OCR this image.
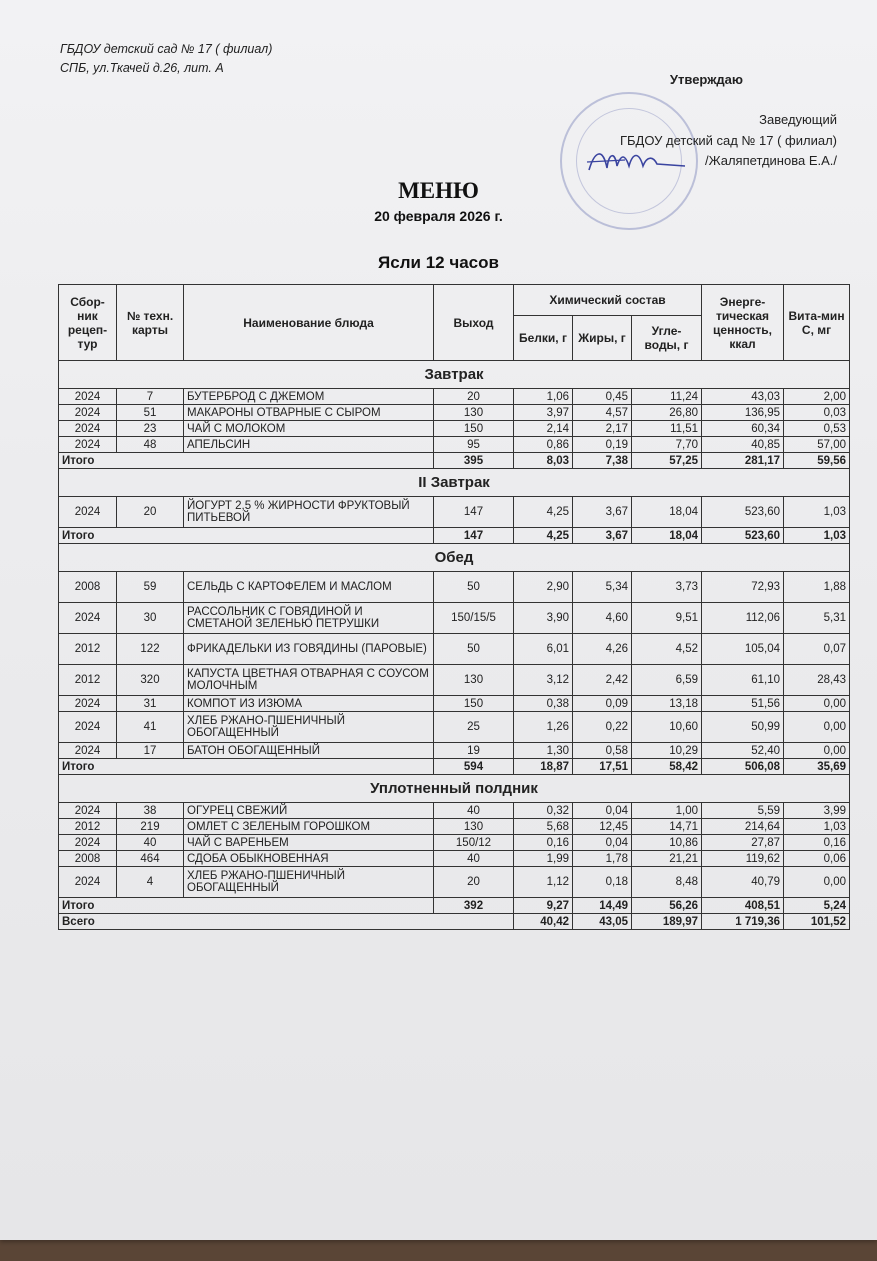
ГБДОУ детский сад № 17 ( филиал)
СПБ, ул.Ткачей д.26, лит. А
Утверждаю
Заведующий
ГБДОУ детский сад № 17 ( филиал)
/Жаляпетдинова Е.А./
МЕНЮ
20 февраля 2026 г.
Ясли 12 часов
Сбор-ник рецеп-тур	№ техн. карты	Наименование блюда	Выход	Химический состав			Энерге-тическая ценность, ккал	Вита-мин С, мг
				Белки, г	Жиры, г	Угле-воды, г		
Завтрак								
2024	7	БУТЕРБРОД С ДЖЕМОМ	20	1,06	0,45	11,24	43,03	2,00
2024	51	МАКАРОНЫ ОТВАРНЫЕ С СЫРОМ	130	3,97	4,57	26,80	136,95	0,03
2024	23	ЧАЙ С МОЛОКОМ	150	2,14	2,17	11,51	60,34	0,53
2024	48	АПЕЛЬСИН	95	0,86	0,19	7,70	40,85	57,00
Итого			395	8,03	7,38	57,25	281,17	59,56
II Завтрак								
2024	20	ЙОГУРТ 2,5 % ЖИРНОСТИ ФРУКТОВЫЙ ПИТЬЕВОЙ	147	4,25	3,67	18,04	523,60	1,03
Итого			147	4,25	3,67	18,04	523,60	1,03
Обед								
2008	59	СЕЛЬДЬ С КАРТОФЕЛЕМ И МАСЛОМ	50	2,90	5,34	3,73	72,93	1,88
2024	30	РАССОЛЬНИК С ГОВЯДИНОЙ И СМЕТАНОЙ ЗЕЛЕНЬЮ ПЕТРУШКИ	150/15/5	3,90	4,60	9,51	112,06	5,31
2012	122	ФРИКАДЕЛЬКИ ИЗ ГОВЯДИНЫ (ПАРОВЫЕ)	50	6,01	4,26	4,52	105,04	0,07
2012	320	КАПУСТА ЦВЕТНАЯ ОТВАРНАЯ С СОУСОМ МОЛОЧНЫМ	130	3,12	2,42	6,59	61,10	28,43
2024	31	КОМПОТ ИЗ ИЗЮМА	150	0,38	0,09	13,18	51,56	0,00
2024	41	ХЛЕБ РЖАНО-ПШЕНИЧНЫЙ ОБОГАЩЕННЫЙ	25	1,26	0,22	10,60	50,99	0,00
2024	17	БАТОН ОБОГАЩЕННЫЙ	19	1,30	0,58	10,29	52,40	0,00
Итого			594	18,87	17,51	58,42	506,08	35,69
Уплотненный полдник								
2024	38	ОГУРЕЦ СВЕЖИЙ	40	0,32	0,04	1,00	5,59	3,99
2012	219	ОМЛЕТ С ЗЕЛЕНЫМ ГОРОШКОМ	130	5,68	12,45	14,71	214,64	1,03
2024	40	ЧАЙ С ВАРЕНЬЕМ	150/12	0,16	0,04	10,86	27,87	0,16
2008	464	СДОБА ОБЫКНОВЕННАЯ	40	1,99	1,78	21,21	119,62	0,06
2024	4	ХЛЕБ РЖАНО-ПШЕНИЧНЫЙ ОБОГАЩЕННЫЙ	20	1,12	0,18	8,48	40,79	0,00
Итого			392	9,27	14,49	56,26	408,51	5,24
Всего				40,42	43,05	189,97	1 719,36	101,52
